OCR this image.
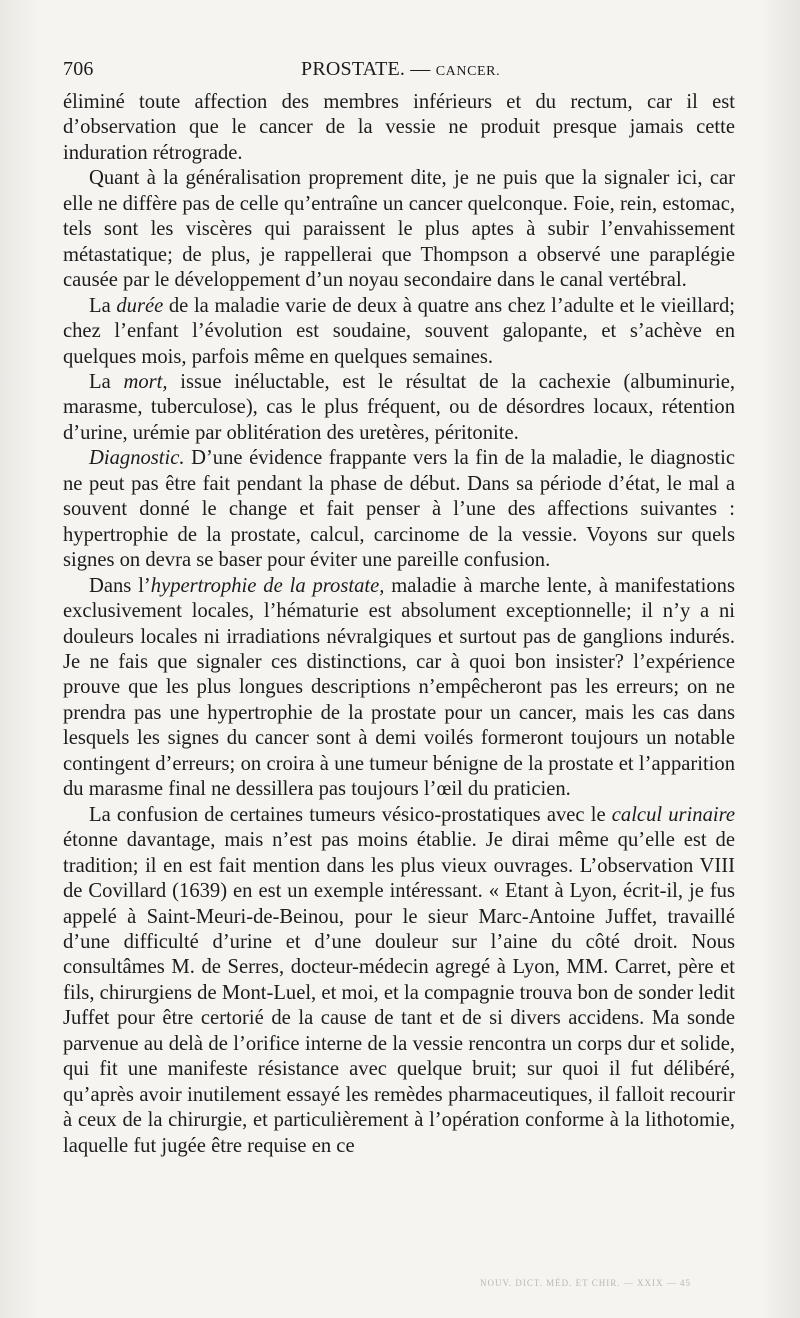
706	PROSTATE. — CANCER.

éliminé toute affection des membres inférieurs et du rectum, car il est d’observation que le cancer de la vessie ne produit presque jamais cette induration rétrograde.

Quant à la généralisation proprement dite, je ne puis que la signaler ici, car elle ne diffère pas de celle qu’entraîne un cancer quelconque. Foie, rein, estomac, tels sont les viscères qui paraissent le plus aptes à subir l’envahissement métastatique; de plus, je rappellerai que Thompson a observé une paraplégie causée par le développement d’un noyau secondaire dans le canal vertébral.

La durée de la maladie varie de deux à quatre ans chez l’adulte et le vieillard; chez l’enfant l’évolution est soudaine, souvent galopante, et s’achève en quelques mois, parfois même en quelques semaines.

La mort, issue inéluctable, est le résultat de la cachexie (albuminurie, marasme, tuberculose), cas le plus fréquent, ou de désordres locaux, rétention d’urine, urémie par oblitération des uretères, péritonite.

Diagnostic. D’une évidence frappante vers la fin de la maladie, le diagnostic ne peut pas être fait pendant la phase de début. Dans sa période d’état, le mal a souvent donné le change et fait penser à l’une des affections suivantes : hypertrophie de la prostate, calcul, carcinome de la vessie. Voyons sur quels signes on devra se baser pour éviter une pareille confusion.

Dans l’hypertrophie de la prostate, maladie à marche lente, à manifestations exclusivement locales, l’hématurie est absolument exceptionnelle; il n’y a ni douleurs locales ni irradiations névralgiques et surtout pas de ganglions indurés. Je ne fais que signaler ces distinctions, car à quoi bon insister? l’expérience prouve que les plus longues descriptions n’empêcheront pas les erreurs; on ne prendra pas une hypertrophie de la prostate pour un cancer, mais les cas dans lesquels les signes du cancer sont à demi voilés formeront toujours un notable contingent d’erreurs; on croira à une tumeur bénigne de la prostate et l’apparition du marasme final ne dessillera pas toujours l’œil du praticien.

La confusion de certaines tumeurs vésico-prostatiques avec le calcul urinaire étonne davantage, mais n’est pas moins établie. Je dirai même qu’elle est de tradition; il en est fait mention dans les plus vieux ouvrages. L’observation VIII de Covillard (1639) en est un exemple intéressant. « Etant à Lyon, écrit-il, je fus appelé à Saint-Meuri-de-Beinou, pour le sieur Marc-Antoine Juffet, travaillé d’une difficulté d’urine et d’une douleur sur l’aine du côté droit. Nous consultâmes M. de Serres, docteur-médecin agregé à Lyon, MM. Carret, père et fils, chirurgiens de Mont-Luel, et moi, et la compagnie trouva bon de sonder ledit Juffet pour être certorié de la cause de tant et de si divers accidens. Ma sonde parvenue au delà de l’orifice interne de la vessie rencontra un corps dur et solide, qui fit une manifeste résistance avec quelque bruit; sur quoi il fut délibéré, qu’après avoir inutilement essayé les remèdes pharmaceutiques, il falloit recourir à ceux de la chirurgie, et particulièrement à l’opération conforme à la lithotomie, laquelle fut jugée être requise en ce

NOUV. DICT. MÉD. ET CHIR. — XXIX — 45
